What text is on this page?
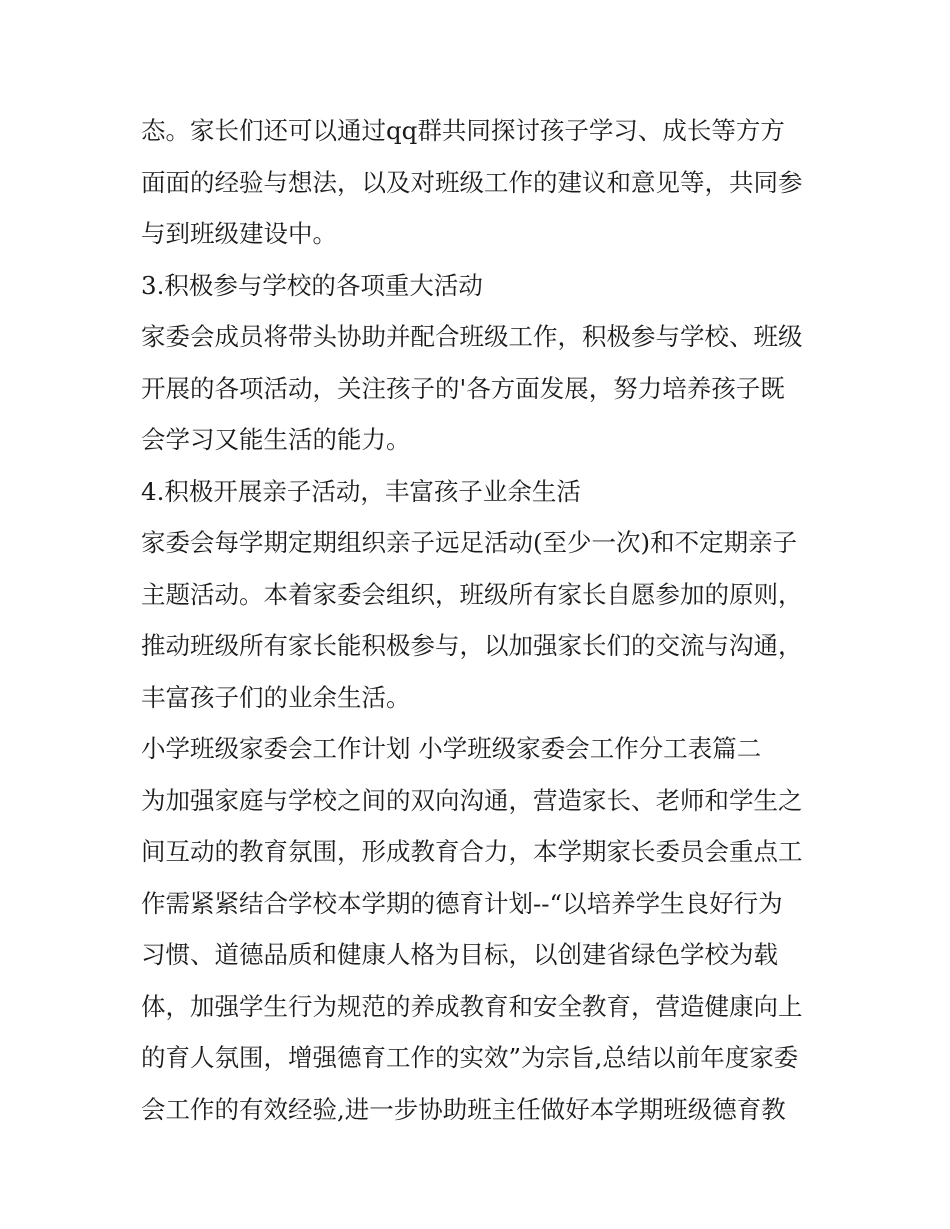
态。家长们还可以通过qq群共同探讨孩子学习、成长等方方
面面的经验与想法，以及对班级工作的建议和意见等，共同参
与到班级建设中。
3.积极参与学校的各项重大活动
家委会成员将带头协助并配合班级工作，积极参与学校、班级
开展的各项活动，关注孩子的'各方面发展，努力培养孩子既
会学习又能生活的能力。
4.积极开展亲子活动，丰富孩子业余生活
家委会每学期定期组织亲子远足活动(至少一次)和不定期亲子
主题活动。本着家委会组织，班级所有家长自愿参加的原则，
推动班级所有家长能积极参与，以加强家长们的交流与沟通，
丰富孩子们的业余生活。
小学班级家委会工作计划 小学班级家委会工作分工表篇二
为加强家庭与学校之间的双向沟通，营造家长、老师和学生之
间互动的教育氛围，形成教育合力，本学期家长委员会重点工
作需紧紧结合学校本学期的德育计划--“以培养学生良好行为
习惯、道德品质和健康人格为目标，以创建省绿色学校为载
体，加强学生行为规范的养成教育和安全教育，营造健康向上
的育人氛围，增强德育工作的实效”为宗旨,总结以前年度家委
会工作的有效经验,进一步协助班主任做好本学期班级德育教
